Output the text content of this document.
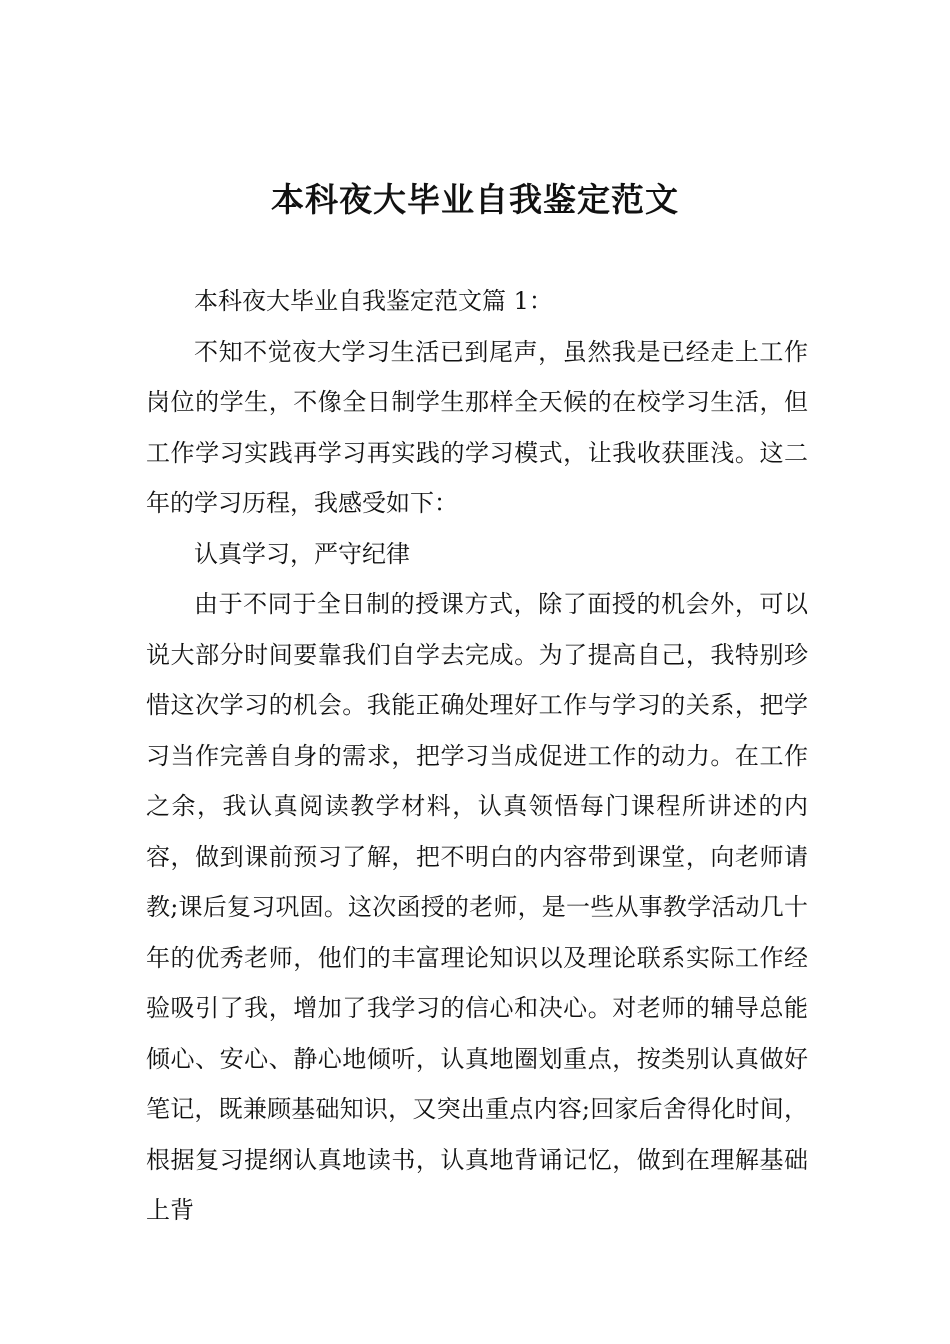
本科夜大毕业自我鉴定范文

本科夜大毕业自我鉴定范文篇 1：

不知不觉夜大学习生活已到尾声，虽然我是已经走上工作岗位的学生，不像全日制学生那样全天候的在校学习生活，但工作学习实践再学习再实践的学习模式，让我收获匪浅。这二年的学习历程，我感受如下：

认真学习，严守纪律

由于不同于全日制的授课方式，除了面授的机会外，可以说大部分时间要靠我们自学去完成。为了提高自己，我特别珍惜这次学习的机会。我能正确处理好工作与学习的关系，把学习当作完善自身的需求，把学习当成促进工作的动力。在工作之余，我认真阅读教学材料，认真领悟每门课程所讲述的内容，做到课前预习了解，把不明白的内容带到课堂，向老师请教;课后复习巩固。这次函授的老师，是一些从事教学活动几十年的优秀老师，他们的丰富理论知识以及理论联系实际工作经验吸引了我，增加了我学习的信心和决心。对老师的辅导总能倾心、安心、静心地倾听，认真地圈划重点，按类别认真做好笔记，既兼顾基础知识，又突出重点内容;回家后舍得化时间，根据复习提纲认真地读书，认真地背诵记忆，做到在理解基础上背
